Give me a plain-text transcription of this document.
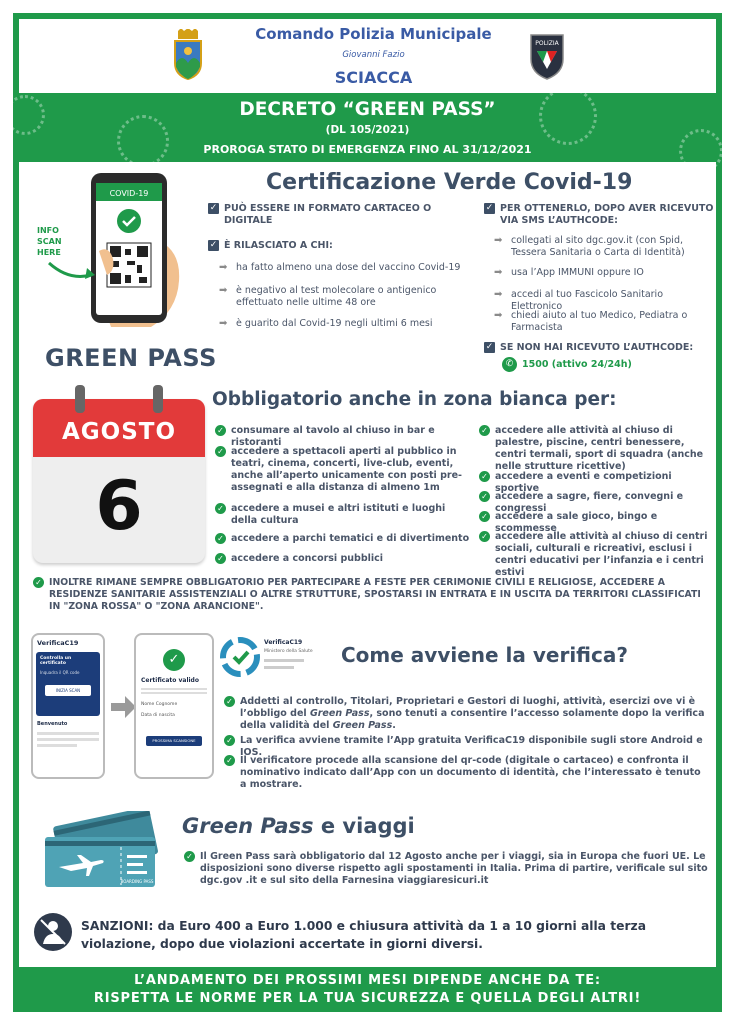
Comando Polizia Municipale
Giovanni Fazio
SCIACCA
POLIZIA
DECRETO “GREEN PASS”
(DL 105/2021)
PROROGA STATO DI EMERGENZA FINO AL 31/12/2021
COVID-19
INFO
SCAN
HERE
GREEN PASS
Certificazione Verde Covid-19
✓ PUÒ ESSERE IN FORMATO CARTACEO O DIGITALE
✓ È RILASCIATO A CHI:
➡ ha fatto almeno una dose del vaccino Covid-19
➡ è negativo al test molecolare o antigenico effettuato nelle ultime 48 ore
➡ è guarito dal Covid-19 negli ultimi 6 mesi
✓ PER OTTENERLO, DOPO AVER RICEVUTO VIA SMS L’AUTHCODE:
➡ collegati al sito dgc.gov.it (con Spid, Tessera Sanitaria o Carta di Identità)
➡ usa l’App IMMUNI oppure IO
➡ accedi al tuo Fascicolo Sanitario Elettronico
➡ chiedi aiuto al tuo Medico, Pediatra o Farmacista
✓ SE NON HAI RICEVUTO L’AUTHCODE:
✆ 1500 (attivo 24/24h)
AGOSTO
6
Obbligatorio anche in zona bianca per:
✓ consumare al tavolo al chiuso in bar e ristoranti
✓ accedere a spettacoli aperti al pubblico in teatri, cinema, concerti, live-club, eventi, anche all’aperto unicamente con posti pre-assegnati e alla distanza di almeno 1m
✓ accedere a musei e altri istituti e luoghi della cultura
✓ accedere a parchi tematici e di divertimento
✓ accedere a concorsi pubblici
✓ accedere alle attività al chiuso di palestre, piscine, centri benessere, centri termali, sport di squadra (anche nelle strutture ricettive)
✓ accedere a eventi e competizioni sportive
✓ accedere a sagre, fiere, convegni e congressi
✓ accedere a sale gioco, bingo e scommesse
✓ accedere alle attività al chiuso di centri sociali, culturali e ricreativi, esclusi i centri educativi per l’infanzia e i centri estivi
✓ INOLTRE RIMANE SEMPRE OBBLIGATORIO PER PARTECIPARE A FESTE PER CERIMONIE CIVILI E RELIGIOSE, ACCEDERE A RESIDENZE SANITARIE ASSISTENZIALI O ALTRE STRUTTURE, SPOSTARSI IN ENTRATA E IN USCITA DA TERRITORI CLASSIFICATI IN "ZONA ROSSA" O "ZONA ARANCIONE".
VerificaC19
Controlla un certificato
Inquadra il QR code
INIZIA SCAN
Benvenuto
✓
Certificato valido
Nome Cognome
Data di nascita
PROSSIMA SCANSIONE
VerificaC19
Ministero della Salute Come avviene la verifica?
✓ Addetti al controllo, Titolari, Proprietari e Gestori di luoghi, attività, esercizi ove vi è l’obbligo del Green Pass, sono tenuti a consentire l’accesso solamente dopo la verifica della validità del Green Pass.
✓ La verifica avviene tramite l’App gratuita VerificaC19 disponibile sugli store Android e IOS.
✓ Il verificatore procede alla scansione del qr-code (digitale o cartaceo) e confronta il nominativo indicato dall’App con un documento di identità, che l’interessato è tenuto a mostrare.
BOARDING PASS
Green Pass e viaggi
✓ Il Green Pass sarà obbligatorio dal 12 Agosto anche per i viaggi, sia in Europa che fuori UE. Le disposizioni sono diverse rispetto agli spostamenti in Italia. Prima di partire, verificale sul sito dgc.gov .it e sul sito della Farnesina viaggiaresicuri.it
SANZIONI: da Euro 400 a Euro 1.000 e chiusura attività da 1 a 10 giorni alla terza violazione, dopo due violazioni accertate in giorni diversi.
L’ANDAMENTO DEI PROSSIMI MESI DIPENDE ANCHE DA TE:
RISPETTA LE NORME PER LA TUA SICUREZZA E QUELLA DEGLI ALTRI!
